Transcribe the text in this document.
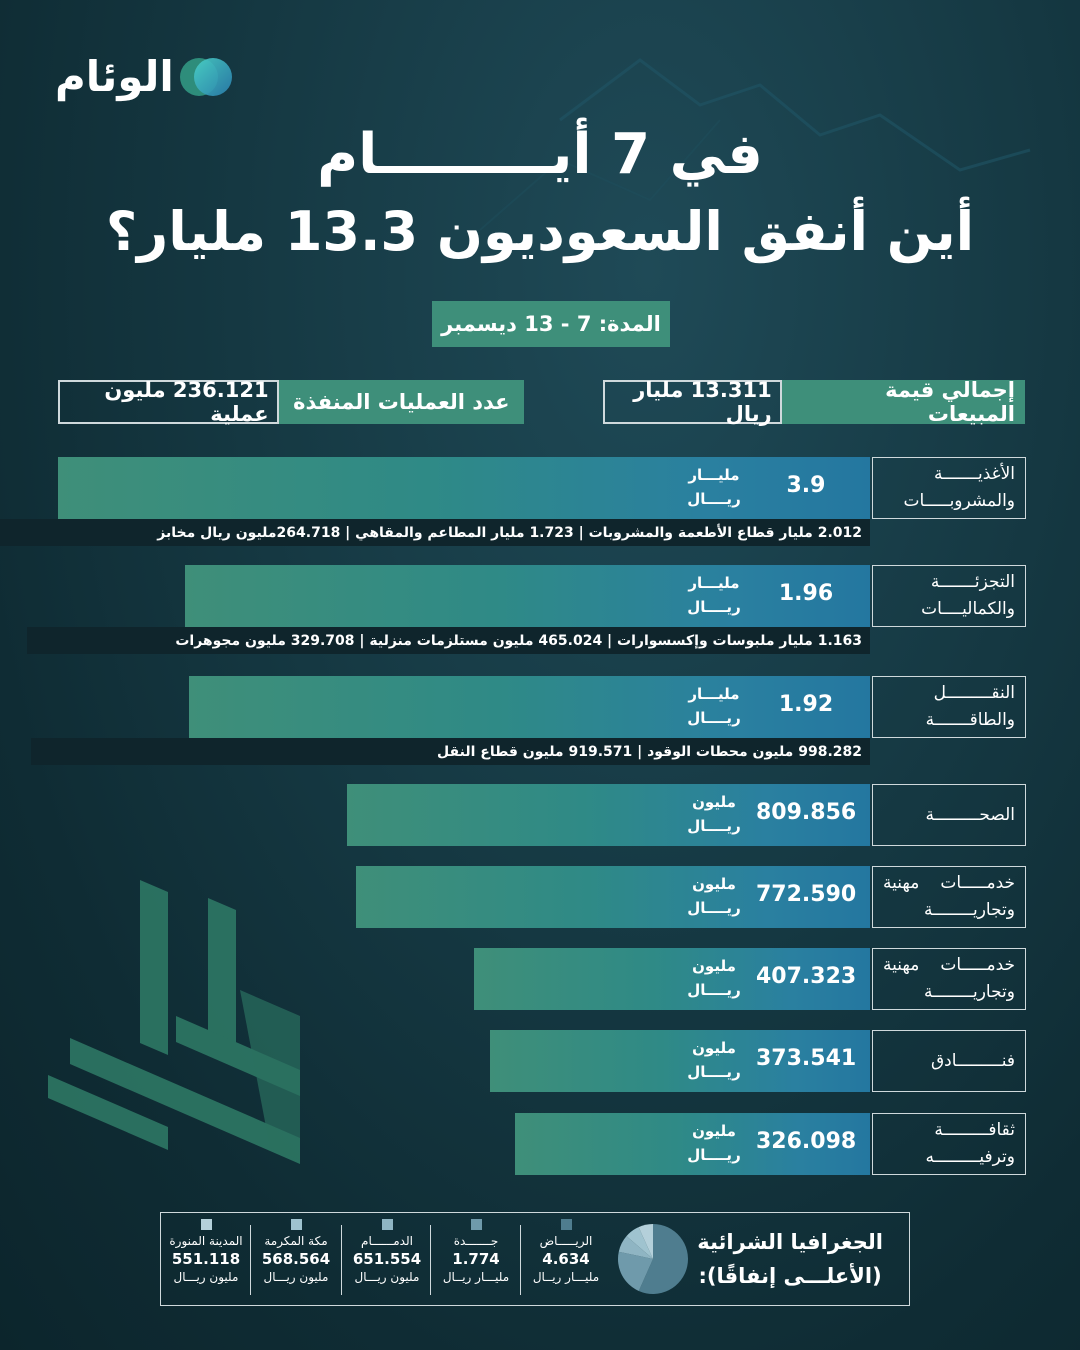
الوئام
في 7 أيـــــــــام
أين أنفق السعوديون 13.3 مليار؟
المدة: 7 - 13 ديسمبر
إجمالي قيمة المبيعات
13.311 مليار ريال
عدد العمليات المنفذة
236.121 مليون عملية
3.9
مليـــار
ريــــال
الأغذيـــــــة
والمشروبـــــات
2.012 مليار قطاع الأطعمة والمشروبات | 1.723 مليار المطاعم والمقاهي | 264.718مليون ريال مخابز
1.96
مليـــار
ريــــال
التجزئـــــــة
والكماليــــات
1.163 مليار ملبوسات وإكسسوارات | 465.024 مليون مستلزمات منزلية | 329.708 مليون مجوهرات
1.92
مليـــار
ريــــال
النقـــــــــل
والطاقـــــــة
998.282 مليون محطات الوقود | 919.571 مليون قطاع النقل
809.856
مليون
ريــــال
الصحـــــــــة
772.590
مليون
ريــــال
خدمـــــات مهنية
وتجاريــــــــة
407.323
مليون
ريــــال
خدمـــــات مهنية
وتجاريــــــــة
373.541
مليون
ريــــال
فنـــــــــادق
326.098
مليون
ريــــال
ثقافـــــــــة
وترفيـــــــــه
الجغرافيا الشرائية
(الأعلـــى إنفاقًا):
الريـــــاض
4.634
مليـــار ريــال
جـــــــدة
1.774
مليـــار ريــال
الدمــــــام
651.554
مليون ريـــال
مكة المكرمة
568.564
مليون ريـــال
المدينة المنورة
551.118
مليون ريـــال
